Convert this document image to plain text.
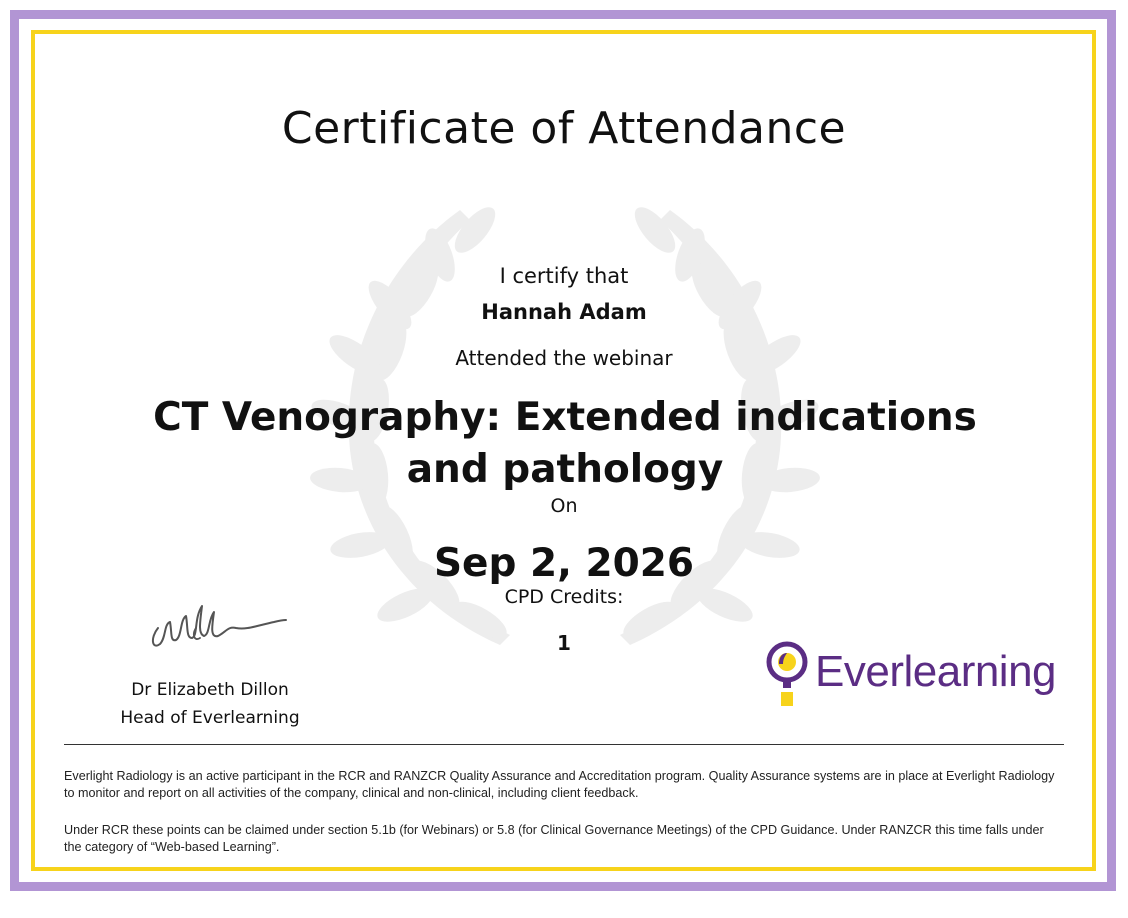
Certificate of Attendance
I certify that
Hannah Adam
Attended the webinar
CT Venography: Extended indications and pathology
On
Sep 2, 2026
CPD Credits:
1
Dr Elizabeth Dillon
Head of Everlearning
Everlearning
Everlight Radiology is an active participant in the RCR and RANZCR Quality Assurance and Accreditation program. Quality Assurance systems are in place at Everlight Radiology to monitor and report on all activities of the company, clinical and non-clinical, including client feedback.
Under RCR these points can be claimed under section 5.1b (for Webinars) or 5.8 (for Clinical Governance Meetings) of the CPD Guidance. Under RANZCR this time falls under the category of “Web-based Learning”.
